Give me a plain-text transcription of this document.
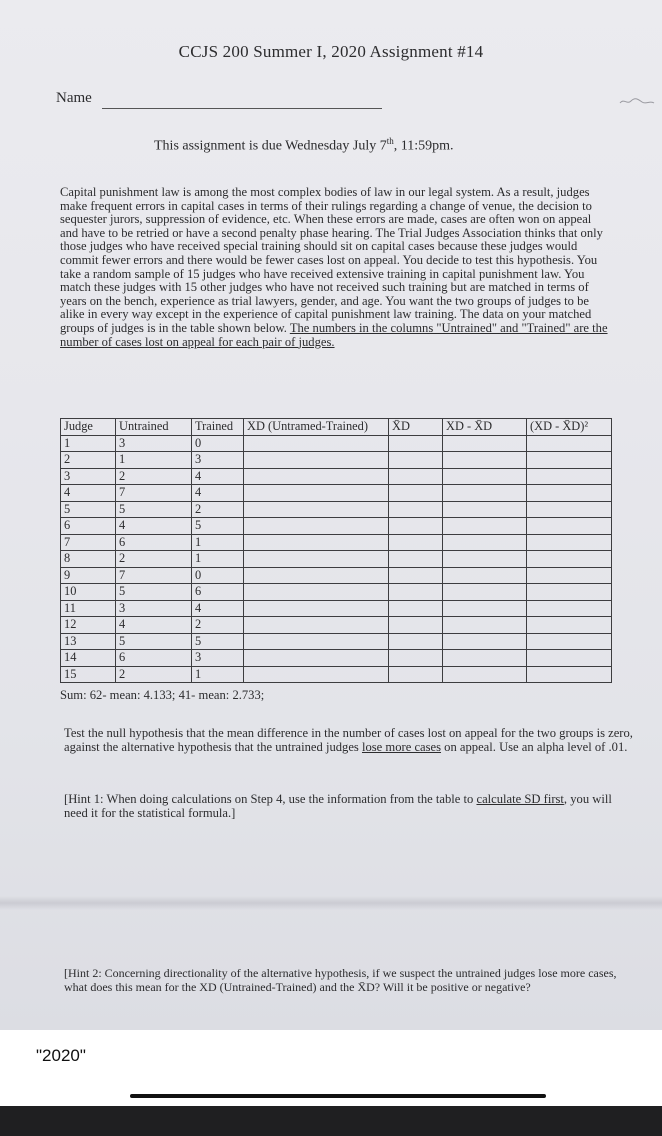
CCJS 200 Summer I, 2020 Assignment #14
Name
This assignment is due Wednesday July 7th, 11:59pm.
Capital punishment law is among the most complex bodies of law in our legal system. As a result, judges make frequent errors in capital cases in terms of their rulings regarding a change of venue, the decision to sequester jurors, suppression of evidence, etc. When these errors are made, cases are often won on appeal and have to be retried or have a second penalty phase hearing. The Trial Judges Association thinks that only those judges who have received special training should sit on capital cases because these judges would commit fewer errors and there would be fewer cases lost on appeal. You decide to test this hypothesis. You take a random sample of 15 judges who have received extensive training in capital punishment law. You match these judges with 15 other judges who have not received such training but are matched in terms of years on the bench, experience as trial lawyers, gender, and age. You want the two groups of judges to be alike in every way except in the experience of capital punishment law training. The data on your matched groups of judges is in the table shown below. The numbers in the columns "Untrained" and "Trained" are the number of cases lost on appeal for each pair of judges.
Judge	Untrained	Trained	XD (Untramed-Trained)	X̄D	XD - X̄D	(XD - X̄D)²
1	3	0				
2	1	3				
3	2	4				
4	7	4				
5	5	2				
6	4	5				
7	6	1				
8	2	1				
9	7	0				
10	5	6				
11	3	4				
12	4	2				
13	5	5				
14	6	3				
15	2	1				
Sum: 62- mean: 4.133; 41- mean: 2.733;
Test the null hypothesis that the mean difference in the number of cases lost on appeal for the two groups is zero, against the alternative hypothesis that the untrained judges lose more cases on appeal. Use an alpha level of .01.
[Hint 1: When doing calculations on Step 4, use the information from the table to calculate SD first, you will need it for the statistical formula.]
[Hint 2: Concerning directionality of the alternative hypothesis, if we suspect the untrained judges lose more cases, what does this mean for the XD (Untrained-Trained) and the X̄D? Will it be positive or negative?
"2020"
